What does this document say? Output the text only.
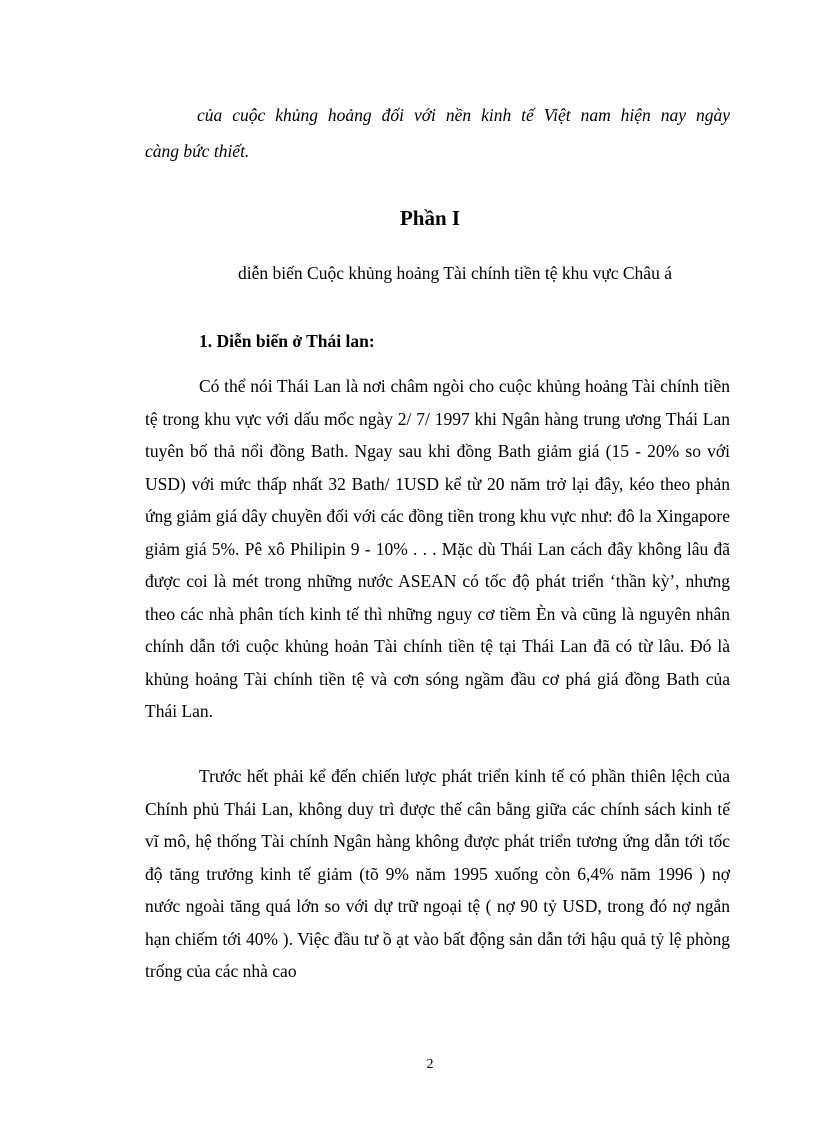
của cuộc khủng hoảng đối với nền kinh tế Việt nam hiện nay ngày
càng bức thiết.
Phần I
diễn biến Cuộc khủng hoảng Tài chính tiền tệ khu vực Châu á
1. Diễn biến ở Thái lan:

Có thể nói Thái Lan là nơi châm ngòi cho cuộc khủng hoảng Tài chính tiền tệ trong khu vực với dấu mốc ngày 2/ 7/ 1997 khi Ngân hàng trung ương Thái Lan tuyên bố thả nổi đồng Bath. Ngay sau khi đồng Bath giảm giá (15 - 20% so với USD) với mức thấp nhất 32 Bath/ 1USD kể từ 20 năm trở lại đây, kéo theo phản ứng giảm giá dây chuyền đối với các đồng tiền trong khu vực như: đô la Xingapore giảm giá 5%. Pê xô Philipin 9 - 10% . . . Mặc dù Thái Lan cách đây không lâu đã được coi là mét trong những nước ASEAN có tốc độ phát triển ‘thần kỳ’, nhưng theo các nhà phân tích kinh tế thì những nguy cơ tiềm Èn và cũng là nguyên nhân chính dẫn tới cuộc khủng hoản Tài chính tiền tệ tại Thái Lan đã có từ lâu. Đó là khủng hoảng Tài chính tiền tệ và cơn sóng ngầm đầu cơ phá giá đồng Bath của Thái Lan.

Trước hết phải kể đến chiến lược phát triển kinh tế có phần thiên lệch của Chính phủ Thái Lan, không duy trì được thế cân bằng giữa các chính sách kinh tế vĩ mô, hệ thống Tài chính Ngân hàng không được phát triển tương ứng dẫn tới tốc độ tăng trưởng kinh tế giảm (tõ 9% năm 1995 xuống còn 6,4% năm 1996 ) nợ nước ngoài tăng quá lớn so với dự trữ ngoại tệ ( nợ 90 tỷ USD, trong đó nợ ngắn hạn chiếm tới 40% ). Việc đầu tư ồ ạt vào bất động sản dẫn tới hậu quả tỷ lệ phòng trống của các nhà cao

2
